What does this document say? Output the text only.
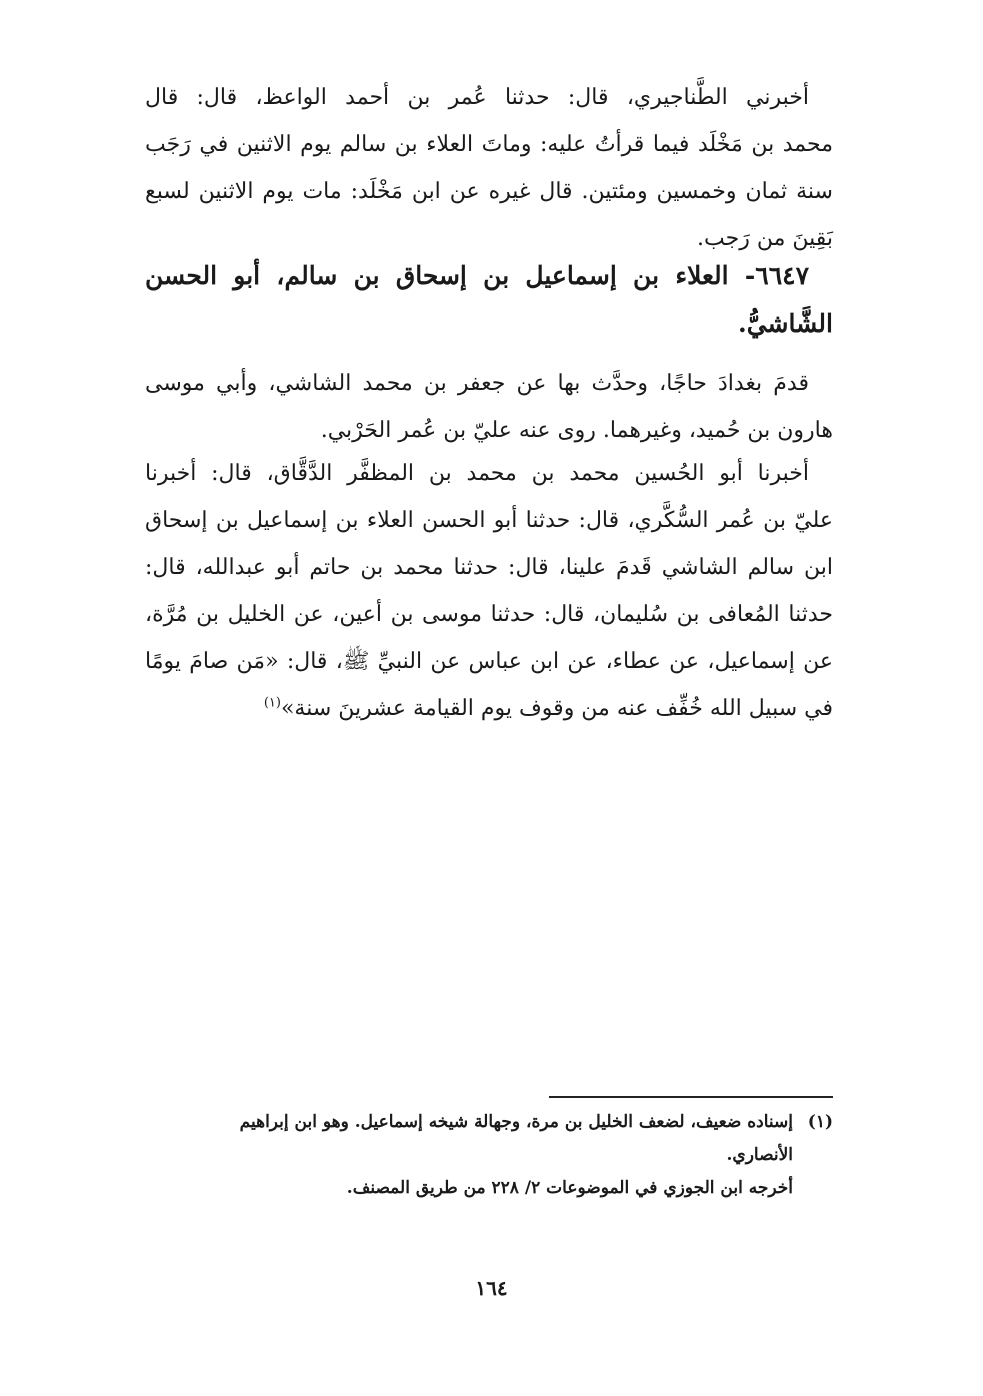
أخبرني الطَّناجيري، قال: حدثنا عُمر بن أحمد الواعظ، قال: قال
محمد بن مَخْلَد فيما قرأتُ عليه: وماتَ العلاء بن سالم يوم الاثنين في رَجَب
سنة ثمان وخمسين ومئتين. قال غيره عن ابن مَخْلَد: مات يوم الاثنين لسبع
بَقِينَ من رَجب.
٦٦٤٧- العلاء بن إسماعيل بن إسحاق بن سالم، أبو الحسن
الشَّاشيُّ.
قدمَ بغدادَ حاجًا، وحدَّث بها عن جعفر بن محمد الشاشي، وأبي موسى
هارون بن حُميد، وغيرهما. روى عنه عليّ بن عُمر الحَرْبي.
أخبرنا أبو الحُسين محمد بن محمد بن المظفَّر الدَّقَّاق، قال: أخبرنا
عليّ بن عُمر السُّكَّري، قال: حدثنا أبو الحسن العلاء بن إسماعيل بن إسحاق
ابن سالم الشاشي قَدمَ علينا، قال: حدثنا محمد بن حاتم أبو عبدالله، قال:
حدثنا المُعافى بن سُليمان، قال: حدثنا موسى بن أعين، عن الخليل بن مُرَّة،
عن إسماعيل، عن عطاء، عن ابن عباس عن النبيِّ ﷺ، قال: «مَن صامَ يومًا
في سبيل الله خُفِّف عنه من وقوف يوم القيامة عشرينَ سنة»$^{(١)}$
(١)إسناده ضعيف، لضعف الخليل بن مرة، وجهالة شيخه إسماعيل. وهو ابن إبراهيم
الأنصاري.
أخرجه ابن الجوزي في الموضوعات ٢/ ٢٢٨ من طريق المصنف.
١٦٤
